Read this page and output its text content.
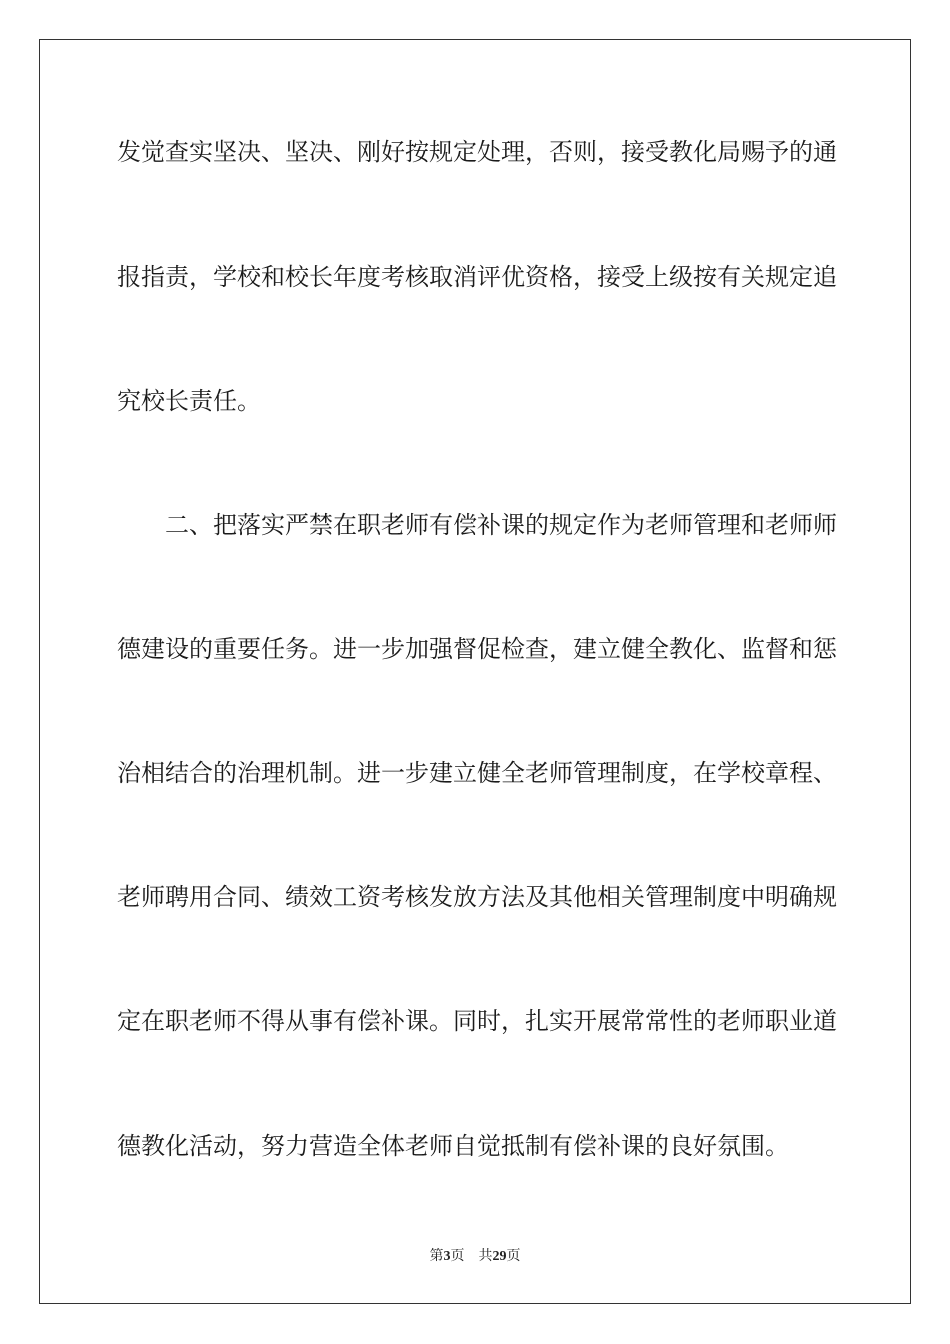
发觉查实坚决、坚决、刚好按规定处理，否则，接受教化局赐予的通
报指责，学校和校长年度考核取消评优资格，接受上级按有关规定追
究校长责任。
二、把落实严禁在职老师有偿补课的规定作为老师管理和老师师
德建设的重要任务。进一步加强督促检查，建立健全教化、监督和惩
治相结合的治理机制。进一步建立健全老师管理制度，在学校章程、
老师聘用合同、绩效工资考核发放方法及其他相关管理制度中明确规
定在职老师不得从事有偿补课。同时，扎实开展常常性的老师职业道
德教化活动，努力营造全体老师自觉抵制有偿补课的良好氛围。
第3页 共29页
